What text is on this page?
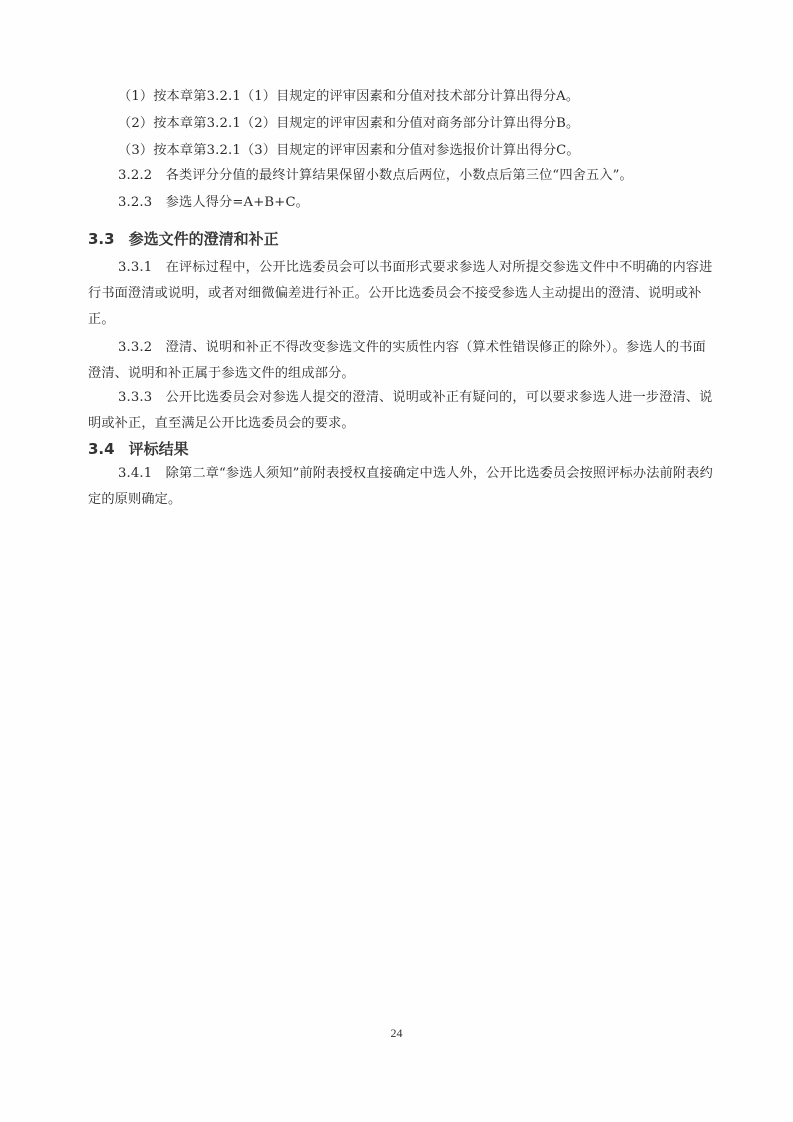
（1）按本章第3.2.1（1）目规定的评审因素和分值对技术部分计算出得分A。

（2）按本章第3.2.1（2）目规定的评审因素和分值对商务部分计算出得分B。

（3）按本章第3.2.1（3）目规定的评审因素和分值对参选报价计算出得分C。

3.2.2　各类评分分值的最终计算结果保留小数点后两位，小数点后第三位“四舍五入”。

3.2.3　参选人得分=A+B+C。

3.3 参选文件的澄清和补正

3.3.1　在评标过程中，公开比选委员会可以书面形式要求参选人对所提交参选文件中不明确的内容进行书面澄清或说明，或者对细微偏差进行补正。公开比选委员会不接受参选人主动提出的澄清、说明或补正。

3.3.2　澄清、说明和补正不得改变参选文件的实质性内容（算术性错误修正的除外）。参选人的书面澄清、说明和补正属于参选文件的组成部分。

3.3.3　公开比选委员会对参选人提交的澄清、说明或补正有疑问的，可以要求参选人进一步澄清、说明或补正，直至满足公开比选委员会的要求。

3.4 评标结果

3.4.1　除第二章“参选人须知”前附表授权直接确定中选人外，公开比选委员会按照评标办法前附表约定的原则确定。

24
